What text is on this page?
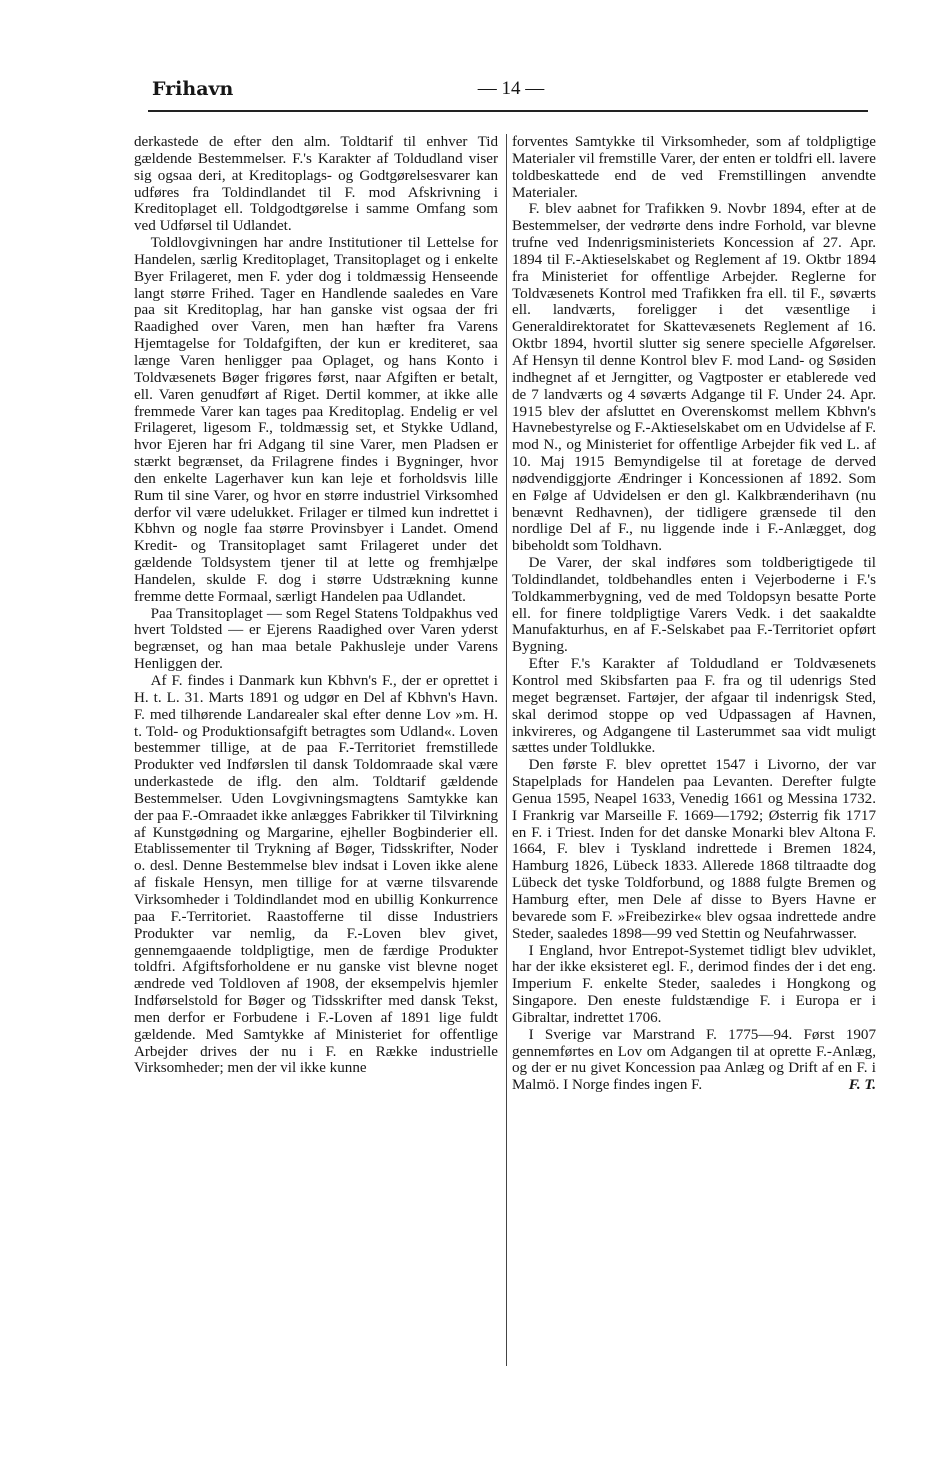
Frihavn	— 14 —

derkastede de efter den alm. Toldtarif til enhver Tid gældende Bestemmelser. F.'s Karakter af Toldudland viser sig ogsaa deri, at Kreditoplags- og Godtgørelsesvarer kan udføres fra Toldindlandet til F. mod Afskrivning i Kreditoplaget ell. Toldgodtgørelse i samme Omfang som ved Udførsel til Udlandet.

Toldlovgivningen har andre Institutioner til Lettelse for Handelen, særlig Kreditoplaget, Transitoplaget og i enkelte Byer Frilageret, men F. yder dog i toldmæssig Henseende langt større Frihed. Tager en Handlende saaledes en Vare paa sit Kreditoplag, har han ganske vist ogsaa der fri Raadighed over Varen, men han hæfter fra Varens Hjemtagelse for Toldafgiften, der kun er krediteret, saa længe Varen henligger paa Oplaget, og hans Konto i Toldvæsenets Bøger frigøres først, naar Afgiften er betalt, ell. Varen genudført af Riget. Dertil kommer, at ikke alle fremmede Varer kan tages paa Kreditoplag. Endelig er vel Frilageret, ligesom F., toldmæssig set, et Stykke Udland, hvor Ejeren har fri Adgang til sine Varer, men Pladsen er stærkt begrænset, da Frilagrene findes i Bygninger, hvor den enkelte Lagerhaver kun kan leje et forholdsvis lille Rum til sine Varer, og hvor en større industriel Virksomhed derfor vil være udelukket. Frilager er tilmed kun indrettet i Kbhvn og nogle faa større Provinsbyer i Landet. Omend Kredit- og Transitoplaget samt Frilageret under det gældende Toldsystem tjener til at lette og fremhjælpe Handelen, skulde F. dog i større Udstrækning kunne fremme dette Formaal, særligt Handelen paa Udlandet.

Paa Transitoplaget — som Regel Statens Toldpakhus ved hvert Toldsted — er Ejerens Raadighed over Varen yderst begrænset, og han maa betale Pakhusleje under Varens Henliggen der.

Af F. findes i Danmark kun Kbhvn's F., der er oprettet i H. t. L. 31. Marts 1891 og udgør en Del af Kbhvn's Havn. F. med tilhørende Landarealer skal efter denne Lov »m. H. t. Told- og Produktionsafgift betragtes som Udland«. Loven bestemmer tillige, at de paa F.-Territoriet fremstillede Produkter ved Indførslen til dansk Toldomraade skal være underkastede de iflg. den alm. Toldtarif gældende Bestemmelser. Uden Lovgivningsmagtens Samtykke kan der paa F.-Omraadet ikke anlægges Fabrikker til Tilvirkning af Kunstgødning og Margarine, ejheller Bogbinderier ell. Etablissementer til Trykning af Bøger, Tidsskrifter, Noder o. desl. Denne Bestemmelse blev indsat i Loven ikke alene af fiskale Hensyn, men tillige for at værne tilsvarende Virksomheder i Toldindlandet mod en ubillig Konkurrence paa F.-Territoriet. Raastofferne til disse Industriers Produkter var nemlig, da F.-Loven blev givet, gennemgaaende toldpligtige, men de færdige Produkter toldfri. Afgiftsforholdene er nu ganske vist blevne noget ændrede ved Toldloven af 1908, der eksempelvis hjemler Indførselstold for Bøger og Tidsskrifter med dansk Tekst, men derfor er Forbudene i F.-Loven af 1891 lige fuldt gældende. Med Samtykke af Ministeriet for offentlige Arbejder drives der nu i F. en Række industrielle Virksomheder; men der vil ikke kunne

forventes Samtykke til Virksomheder, som af toldpligtige Materialer vil fremstille Varer, der enten er toldfri ell. lavere toldbeskattede end de ved Fremstillingen anvendte Materialer.

F. blev aabnet for Trafikken 9. Novbr 1894, efter at de Bestemmelser, der vedrørte dens indre Forhold, var blevne trufne ved Indenrigsministeriets Koncession af 27. Apr. 1894 til F.-Aktieselskabet og Reglement af 19. Oktbr 1894 fra Ministeriet for offentlige Arbejder. Reglerne for Toldvæsenets Kontrol med Trafikken fra ell. til F., søværts ell. landværts, foreligger i det væsentlige i Generaldirektoratet for Skattevæsenets Reglement af 16. Oktbr 1894, hvortil slutter sig senere specielle Afgørelser. Af Hensyn til denne Kontrol blev F. mod Land- og Søsiden indhegnet af et Jerngitter, og Vagtposter er etablerede ved de 7 landværts og 4 søværts Adgange til F. Under 24. Apr. 1915 blev der afsluttet en Overenskomst mellem Kbhvn's Havnebestyrelse og F.-Aktieselskabet om en Udvidelse af F. mod N., og Ministeriet for offentlige Arbejder fik ved L. af 10. Maj 1915 Bemyndigelse til at foretage de derved nødvendiggjorte Ændringer i Koncessionen af 1892. Som en Følge af Udvidelsen er den gl. Kalkbrænderihavn (nu benævnt Redhavnen), der tidligere grænsede til den nordlige Del af F., nu liggende inde i F.-Anlægget, dog bibeholdt som Toldhavn.

De Varer, der skal indføres som toldberigtigede til Toldindlandet, toldbehandles enten i Vejerboderne i F.'s Toldkammerbygning, ved de med Toldopsyn besatte Porte ell. for finere toldpligtige Varers Vedk. i det saakaldte Manufakturhus, en af F.-Selskabet paa F.-Territoriet opført Bygning.

Efter F.'s Karakter af Toldudland er Toldvæsenets Kontrol med Skibsfarten paa F. fra og til udenrigs Sted meget begrænset. Fartøjer, der afgaar til indenrigsk Sted, skal derimod stoppe op ved Udpassagen af Havnen, inkvireres, og Adgangene til Lasterummet saa vidt muligt sættes under Toldlukke.

Den første F. blev oprettet 1547 i Livorno, der var Stapelplads for Handelen paa Levanten. Derefter fulgte Genua 1595, Neapel 1633, Venedig 1661 og Messina 1732. I Frankrig var Marseille F. 1669—1792; Østerrig fik 1717 en F. i Triest. Inden for det danske Monarki blev Altona F. 1664, F. blev i Tyskland indrettede i Bremen 1824, Hamburg 1826, Lübeck 1833. Allerede 1868 tiltraadte dog Lübeck det tyske Toldforbund, og 1888 fulgte Bremen og Hamburg efter, men Dele af disse to Byers Havne er bevarede som F. »Freibezirke« blev ogsaa indrettede andre Steder, saaledes 1898—99 ved Stettin og Neufahrwasser.

I England, hvor Entrepot-Systemet tidligt blev udviklet, har der ikke eksisteret egl. F., derimod findes der i det eng. Imperium F. enkelte Steder, saaledes i Hongkong og Singapore. Den eneste fuldstændige F. i Europa er i Gibraltar, indrettet 1706.

I Sverige var Marstrand F. 1775—94. Først 1907 gennemførtes en Lov om Adgangen til at oprette F.-Anlæg, og der er nu givet Koncession paa Anlæg og Drift af en F. i Malmö. I Norge findes ingen F.	F. T.
